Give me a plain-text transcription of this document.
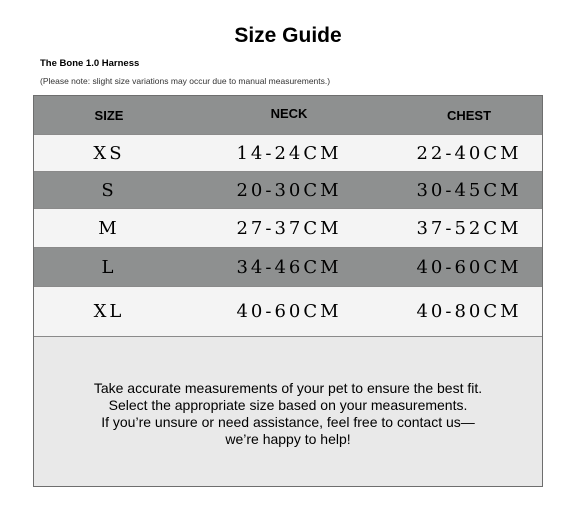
Size Guide
The Bone 1.0 Harness
(Please note: slight size variations may occur due to manual measurements.)
SIZE	NECK	CHEST
XS	14-24CM	22-40CM
S	20-30CM	30-45CM
M	27-37CM	37-52CM
L	34-46CM	40-60CM
XL	40-60CM	40-80CM
Take accurate measurements of your pet to ensure the best fit.
Select the appropriate size based on your measurements.
If you’re unsure or need assistance, feel free to contact us—
we’re happy to help!
